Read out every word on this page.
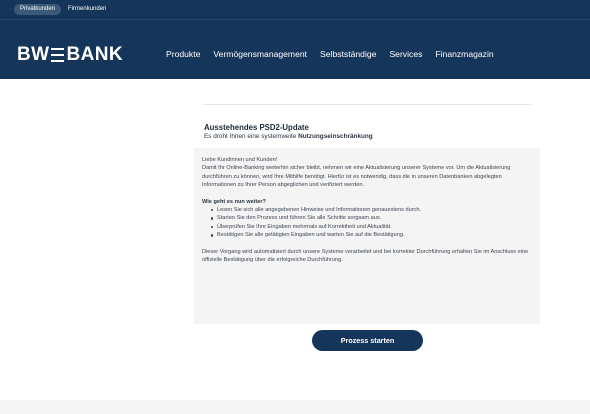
Privatkunden	Firmenkunden
BW BANK	Produkte Vermögensmanagement Selbstständige Services Finanzmagazin
Ausstehendes PSD2-Update
Es droht Ihnen eine systemweite Nutzungseinschränkung

Liebe Kundinnen und Kunden!

Damit Ihr Online-Banking weiterhin sicher bleibt, nehmen wir eine Aktualisierung unserer Systeme vor. Um die Aktualisierung durchführen zu können, wird Ihre Mithilfe benötigt. Hierfür ist es notwendig, dass die in unseren Datenbanken abgelegten Informationen zu Ihrer Person abgeglichen und verifiziert werden.

Wie geht es nun weiter?

Lesen Sie sich alle angegebenen Hinweise und Informationen genauestens durch.
Starten Sie den Prozess und führen Sie alle Schritte sorgsam aus.
Überprüfen Sie Ihre Eingaben mehrmals auf Korrektheit und Aktualität.
Bestätigen Sie alle getätigten Eingaben und warten Sie auf die Bestätigung.

Dieser Vorgang wird automatisiert durch unsere Systeme verarbeitet und bei korrekter Durchführung erhalten Sie im Anschluss eine offizielle Bestätigung über die erfolgreiche Durchführung.

Prozess starten
